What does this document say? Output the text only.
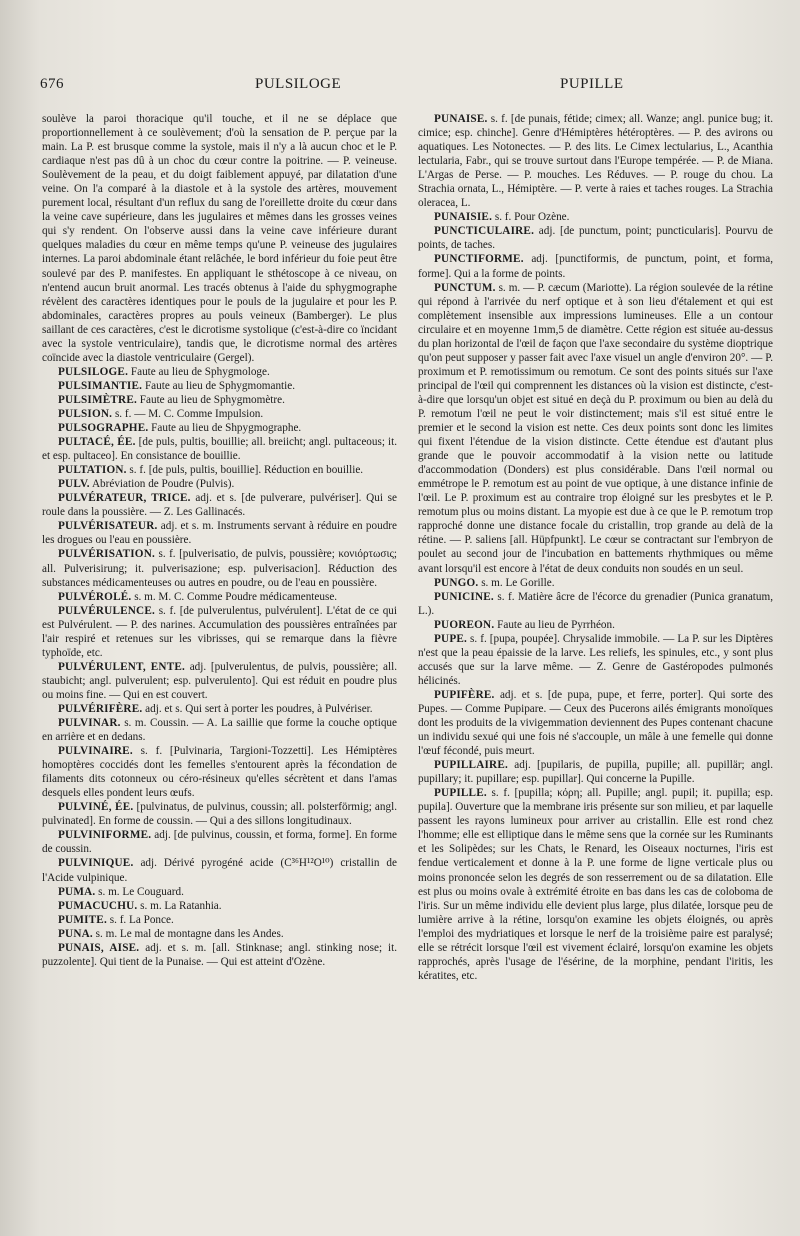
676	PULSILOGE	PUPILLE

soulève la paroi thoracique qu'il touche, et il ne se déplace que proportionnellement à ce soulèvement; d'où la sensation de P. perçue par la main. La P. est brusque comme la systole, mais il n'y a là aucun choc et le P. cardiaque n'est pas dû à un choc du cœur contre la poitrine. — P. veineuse. Soulèvement de la peau, et du doigt faiblement appuyé, par dilatation d'une veine. On l'a comparé à la diastole et à la systole des artères, mouvement purement local, résultant d'un reflux du sang de l'oreillette droite du cœur dans la veine cave supérieure, dans les jugulaires et mêmes dans les grosses veines qui s'y rendent. On l'observe aussi dans la veine cave inférieure durant quelques maladies du cœur en même temps qu'une P. veineuse des jugulaires internes. La paroi abdominale étant relâchée, le bord inférieur du foie peut être soulevé par des P. manifestes. En appliquant le sthétoscope à ce niveau, on n'entend aucun bruit anormal. Les tracés obtenus à l'aide du sphygmographe révèlent des caractères identiques pour le pouls de la jugulaire et pour les P. abdominales, caractères propres au pouls veineux (Bamberger). Le plus saillant de ces caractères, c'est le dicrotisme systolique (c'est-à-dire co ïncidant avec la systole ventriculaire), tandis que, le dicrotisme normal des artères coïncide avec la diastole ventriculaire (Gergel).

PULSILOGE. Faute au lieu de Sphygmologe.

PULSIMANTIE. Faute au lieu de Sphygmomantie.

PULSIMÈTRE. Faute au lieu de Sphygmomètre.

PULSION. s. f. — M. C. Comme Impulsion.

PULSOGRAPHE. Faute au lieu de Shpygmographe.

PULTACÉ, ÉE. [de puls, pultis, bouillie; all. breiicht; angl. pultaceous; it. et esp. pultaceo]. En consistance de bouillie.

PULTATION. s. f. [de puls, pultis, bouillie]. Réduction en bouillie.

PULV. Abréviation de Poudre (Pulvis).

PULVÉRATEUR, TRICE. adj. et s. [de pulverare, pulvériser]. Qui se roule dans la poussière. — Z. Les Gallinacés.

PULVÉRISATEUR. adj. et s. m. Instruments servant à réduire en poudre les drogues ou l'eau en poussière.

PULVÉRISATION. s. f. [pulverisatio, de pulvis, poussière; κονιόρτωσις; all. Pulverisirung; it. pulverisazione; esp. pulverisacion]. Réduction des substances médicamenteuses ou autres en poudre, ou de l'eau en poussière.

PULVÉROLÉ. s. m. M. C. Comme Poudre médicamenteuse.

PULVÉRULENCE. s. f. [de pulverulentus, pulvérulent]. L'état de ce qui est Pulvérulent. — P. des narines. Accumulation des poussières entraînées par l'air respiré et retenues sur les vibrisses, qui se remarque dans la fièvre typhoïde, etc.

PULVÉRULENT, ENTE. adj. [pulverulentus, de pulvis, poussière; all. staubicht; angl. pulverulent; esp. pulverulento]. Qui est réduit en poudre plus ou moins fine. — Qui en est couvert.

PULVÉRIFÈRE. adj. et s. Qui sert à porter les poudres, à Pulvériser.

PULVINAR. s. m. Coussin. — A. La saillie que forme la couche optique en arrière et en dedans.

PULVINAIRE. s. f. [Pulvinaria, Targioni-Tozzetti]. Les Hémiptères homoptères coccidés dont les femelles s'entourent après la fécondation de filaments dits cotonneux ou céro-résineux qu'elles sécrètent et dans l'amas desquels elles pondent leurs œufs.

PULVINÉ, ÉE. [pulvinatus, de pulvinus, coussin; all. polsterförmig; angl. pulvinated]. En forme de coussin. — Qui a des sillons longitudinaux.

PULVINIFORME. adj. [de pulvinus, coussin, et forma, forme]. En forme de coussin.

PULVINIQUE. adj. Dérivé pyrogéné acide (C³⁶H¹²O¹⁰) cristallin de l'Acide vulpinique.

PUMA. s. m. Le Couguard.

PUMACUCHU. s. m. La Ratanhia.

PUMITE. s. f. La Ponce.

PUNA. s. m. Le mal de montagne dans les Andes.

PUNAIS, AISE. adj. et s. m. [all. Stinknase; angl. stinking nose; it. puzzolente]. Qui tient de la Punaise. — Qui est atteint d'Ozène.

PUNAISE. s. f. [de punais, fétide; cimex; all. Wanze; angl. punice bug; it. cimice; esp. chinche]. Genre d'Hémiptères hétéroptères. — P. des avirons ou aquatiques. Les Notonectes. — P. des lits. Le Cimex lectularius, L., Acanthia lectularia, Fabr., qui se trouve surtout dans l'Europe tempérée. — P. de Miana. L'Argas de Perse. — P. mouches. Les Réduves. — P. rouge du chou. La Strachia ornata, L., Hémiptère. — P. verte à raies et taches rouges. La Strachia oleracea, L.

PUNAISIE. s. f. Pour Ozène.

PUNCTICULAIRE. adj. [de punctum, point; puncticularis]. Pourvu de points, de taches.

PUNCTIFORME. adj. [punctiformis, de punctum, point, et forma, forme]. Qui a la forme de points.

PUNCTUM. s. m. — P. cæcum (Mariotte). La région soulevée de la rétine qui répond à l'arrivée du nerf optique et à son lieu d'étalement et qui est complètement insensible aux impressions lumineuses. Elle a un contour circulaire et en moyenne 1mm,5 de diamètre. Cette région est située au-dessus du plan horizontal de l'œil de façon que l'axe secondaire du système dioptrique qu'on peut supposer y passer fait avec l'axe visuel un angle d'environ 20°. — P. proximum et P. remotissimum ou remotum. Ce sont des points situés sur l'axe principal de l'œil qui comprennent les distances où la vision est distincte, c'est-à-dire que lorsqu'un objet est situé en deçà du P. proximum ou bien au delà du P. remotum l'œil ne peut le voir distinctement; mais s'il est situé entre le premier et le second la vision est nette. Ces deux points sont donc les limites qui fixent l'étendue de la vision distincte. Cette étendue est d'autant plus grande que le pouvoir accommodatif à la vision nette ou latitude d'accommodation (Donders) est plus considérable. Dans l'œil normal ou emmétrope le P. remotum est au point de vue optique, à une distance infinie de l'œil. Le P. proximum est au contraire trop éloigné sur les presbytes et le P. remotum plus ou moins distant. La myopie est due à ce que le P. remotum trop rapproché donne une distance focale du cristallin, trop grande au delà de la rétine. — P. saliens [all. Hüpfpunkt]. Le cœur se contractant sur l'embryon de poulet au second jour de l'incubation en battements rhythmiques ou même avant lorsqu'il est encore à l'état de deux conduits non soudés en un seul.

PUNGO. s. m. Le Gorille.

PUNICINE. s. f. Matière âcre de l'écorce du grenadier (Punica granatum, L.).

PUOREON. Faute au lieu de Pyrrhéon.

PUPE. s. f. [pupa, poupée]. Chrysalide immobile. — La P. sur les Diptères n'est que la peau épaissie de la larve. Les reliefs, les spinules, etc., y sont plus accusés que sur la larve même. — Z. Genre de Gastéropodes pulmonés hélicinés.

PUPIFÈRE. adj. et s. [de pupa, pupe, et ferre, porter]. Qui sorte des Pupes. — Comme Pupipare. — Ceux des Pucerons ailés émigrants monoïques dont les produits de la vivigemmation deviennent des Pupes contenant chacune un individu sexué qui une fois né s'accouple, un mâle à une femelle qui donne l'œuf fécondé, puis meurt.

PUPILLAIRE. adj. [pupilaris, de pupilla, pupille; all. pupillär; angl. pupillary; it. pupillare; esp. pupillar]. Qui concerne la Pupille.

PUPILLE. s. f. [pupilla; κόρη; all. Pupille; angl. pupil; it. pupilla; esp. pupila]. Ouverture que la membrane iris présente sur son milieu, et par laquelle passent les rayons lumineux pour arriver au cristallin. Elle est rond chez l'homme; elle est elliptique dans le même sens que la cornée sur les Ruminants et les Solipèdes; sur les Chats, le Renard, les Oiseaux nocturnes, l'iris est fendue verticalement et donne à la P. une forme de ligne verticale plus ou moins prononcée selon les degrés de son resserrement ou de sa dilatation. Elle est plus ou moins ovale à extrémité étroite en bas dans les cas de coloboma de l'iris. Sur un même individu elle devient plus large, plus dilatée, lorsque peu de lumière arrive à la rétine, lorsqu'on examine les objets éloignés, ou après l'emploi des mydriatiques et lorsque le nerf de la troisième paire est paralysé; elle se rétrécit lorsque l'œil est vivement éclairé, lorsqu'on examine les objets rapprochés, après l'usage de l'ésérine, de la morphine, pendant l'iritis, les kératites, etc.
